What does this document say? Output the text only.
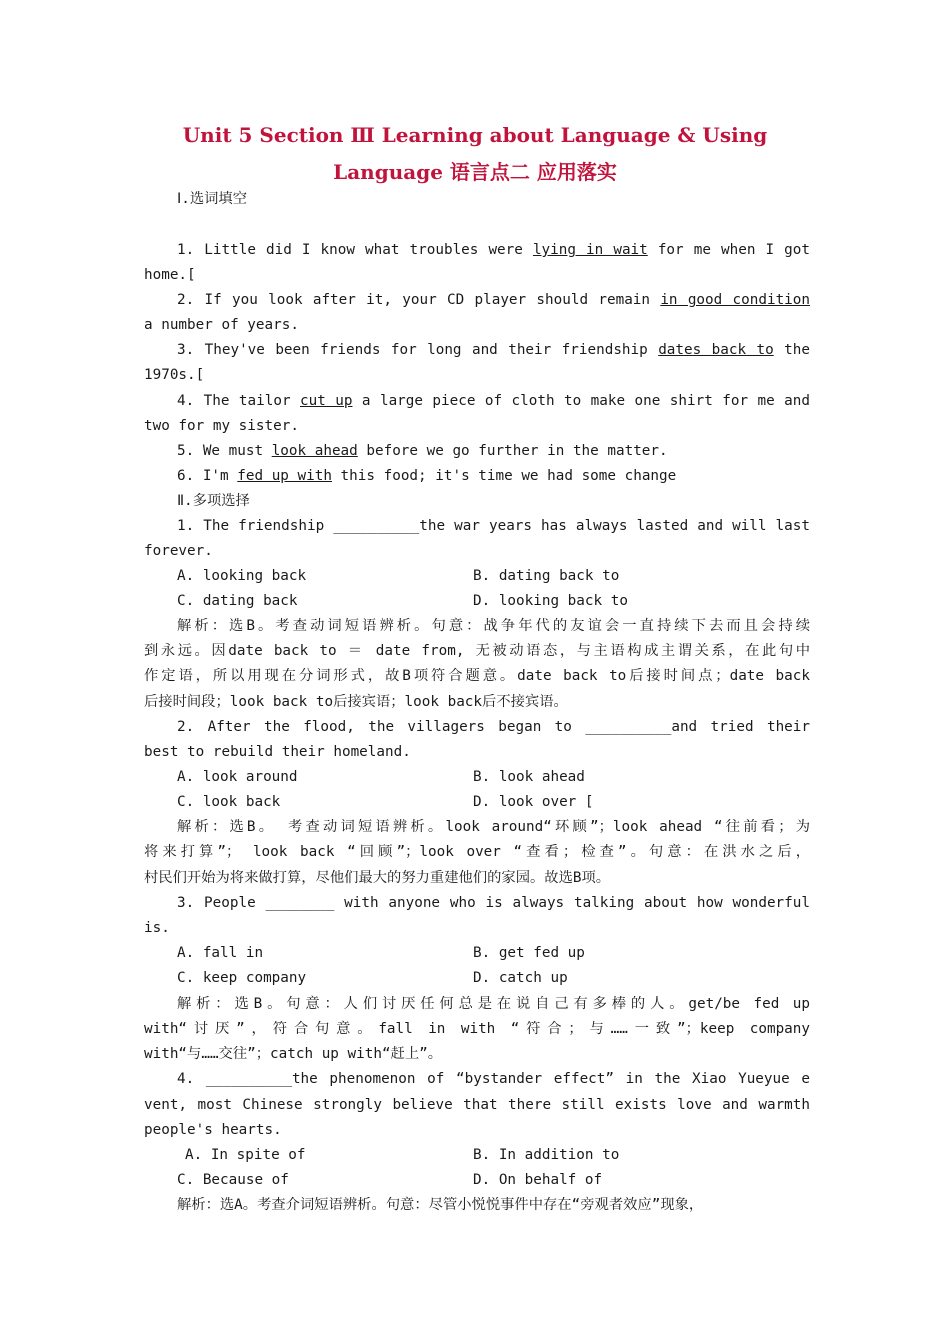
Unit 5 Section Ⅲ Learning about Language & Using
Language 语言点二 应用落实
Ⅰ.选词填空
1. Little did I know what troubles were lying in wait for me when I got
home.[
2. If you look after it, your CD player should remain in good condition
a number of years.
3. They've been friends for long and their friendship dates back to the
1970s.[
4. The tailor cut up a large piece of cloth to make one shirt for me and
two for my sister.
5. We must look ahead before we go further in the matter.
6. I'm fed up with this food; it's time we had some change
Ⅱ.多项选择
1. The friendship __________the war years has always lasted and will last
forever.
A. looking back	B. dating back to
C. dating back	D. looking back to
解析：选B。考查动词短语辨析。句意：战争年代的友谊会一直持续下去而且会持续
到永远。因date back to ＝ date from, 无被动语态，与主语构成主谓关系，在此句中
作定语，所以用现在分词形式，故B项符合题意。date back to后接时间点；date back
后接时间段；look back to后接宾语；look back后不接宾语。
2. After the flood, the villagers began to __________and tried their
best to rebuild their homeland.
A. look around	B. look ahead
C. look back	D. look over [
解析：选B。 考查动词短语辨析。look around“环顾”；look ahead “往前看；为
将来打算”； look back “回顾”；look over “查看；检查”。句意：在洪水之后，
村民们开始为将来做打算，尽他们最大的努力重建他们的家园。故选B项。
3. People ________ with anyone who is always talking about how wonderful
is.
A. fall in	B. get fed up
C. keep company	D. catch up
解析：选B。句意：人们讨厌任何总是在说自己有多棒的人。get/be fed up
with“讨厌”，符合句意。fall in with “符合；与……一致”；keep company
with“与……交往”；catch up with“赶上”。
4. __________the phenomenon of “bystander effect” in the Xiao Yueyue e
vent, most Chinese strongly believe that there still exists love and warmth
people's hearts.
A. In spite of	B. In addition to
C. Because of	D. On behalf of
解析：选A。考查介词短语辨析。句意：尽管小悦悦事件中存在“旁观者效应”现象，
